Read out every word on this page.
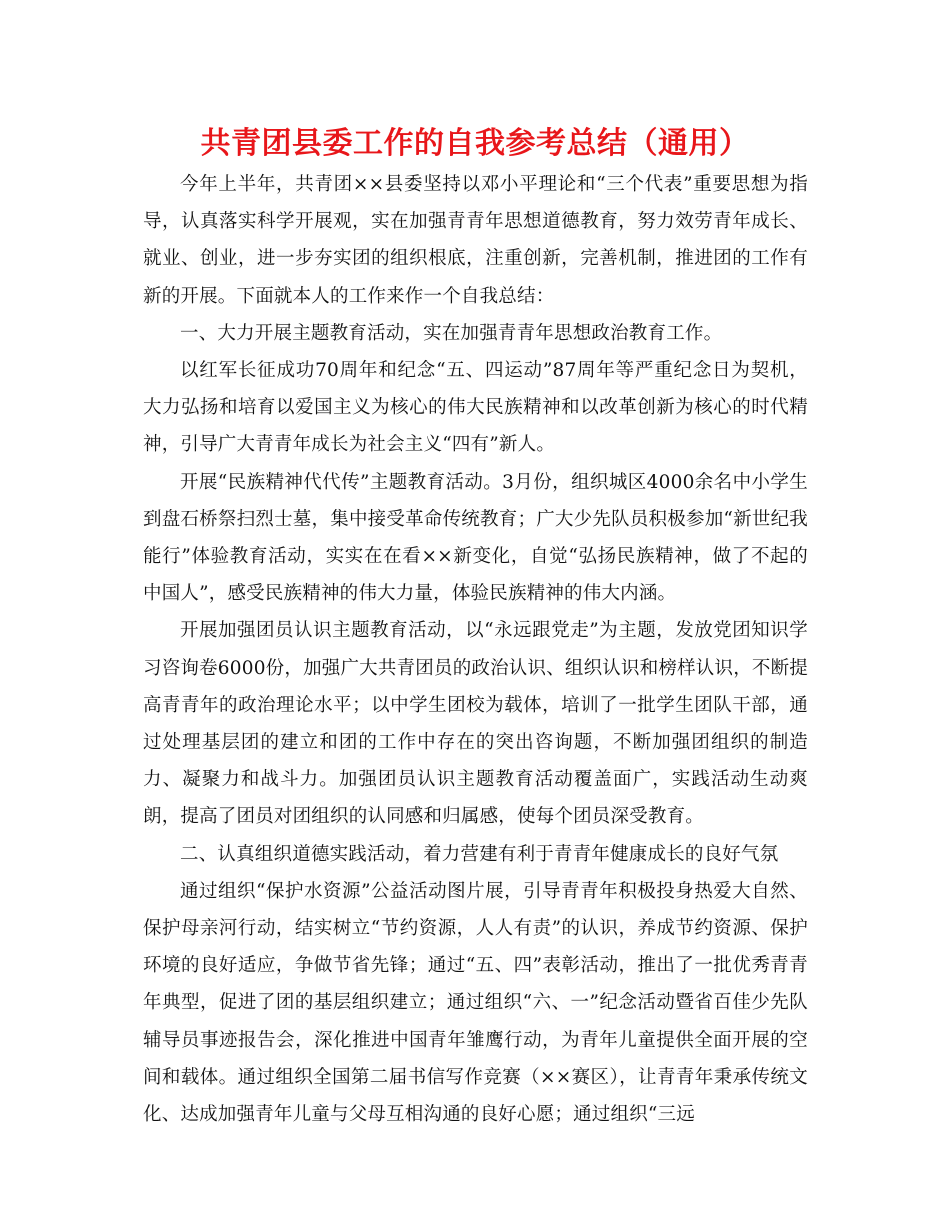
共青团县委工作的自我参考总结（通用）

今年上半年，共青团××县委坚持以邓小平理论和“三个代表”重要思想为指导，认真落实科学开展观，实在加强青青年思想道德教育，努力效劳青年成长、就业、创业，进一步夯实团的组织根底，注重创新，完善机制，推进团的工作有新的开展。下面就本人的工作来作一个自我总结：

一、大力开展主题教育活动，实在加强青青年思想政治教育工作。

以红军长征成功70周年和纪念“五、四运动”87周年等严重纪念日为契机，大力弘扬和培育以爱国主义为核心的伟大民族精神和以改革创新为核心的时代精神，引导广大青青年成长为社会主义“四有”新人。

开展“民族精神代代传”主题教育活动。3月份，组织城区4000余名中小学生到盘石桥祭扫烈士墓，集中接受革命传统教育；广大少先队员积极参加“新世纪我能行”体验教育活动，实实在在看××新变化，自觉“弘扬民族精神，做了不起的中国人”，感受民族精神的伟大力量，体验民族精神的伟大内涵。

开展加强团员认识主题教育活动，以“永远跟党走”为主题，发放党团知识学习咨询卷6000份，加强广大共青团员的政治认识、组织认识和榜样认识，不断提高青青年的政治理论水平；以中学生团校为载体，培训了一批学生团队干部，通过处理基层团的建立和团的工作中存在的突出咨询题，不断加强团组织的制造力、凝聚力和战斗力。加强团员认识主题教育活动覆盖面广，实践活动生动爽朗，提高了团员对团组织的认同感和归属感，使每个团员深受教育。

二、认真组织道德实践活动，着力营建有利于青青年健康成长的良好气氛

通过组织“保护水资源”公益活动图片展，引导青青年积极投身热爱大自然、保护母亲河行动，结实树立“节约资源，人人有责”的认识，养成节约资源、保护环境的良好适应，争做节省先锋；通过“五、四”表彰活动，推出了一批优秀青青年典型，促进了团的基层组织建立；通过组织“六、一”纪念活动暨省百佳少先队辅导员事迹报告会，深化推进中国青年雏鹰行动，为青年儿童提供全面开展的空间和载体。通过组织全国第二届书信写作竞赛（××赛区），让青青年秉承传统文化、达成加强青年儿童与父母互相沟通的良好心愿；通过组织“三远
